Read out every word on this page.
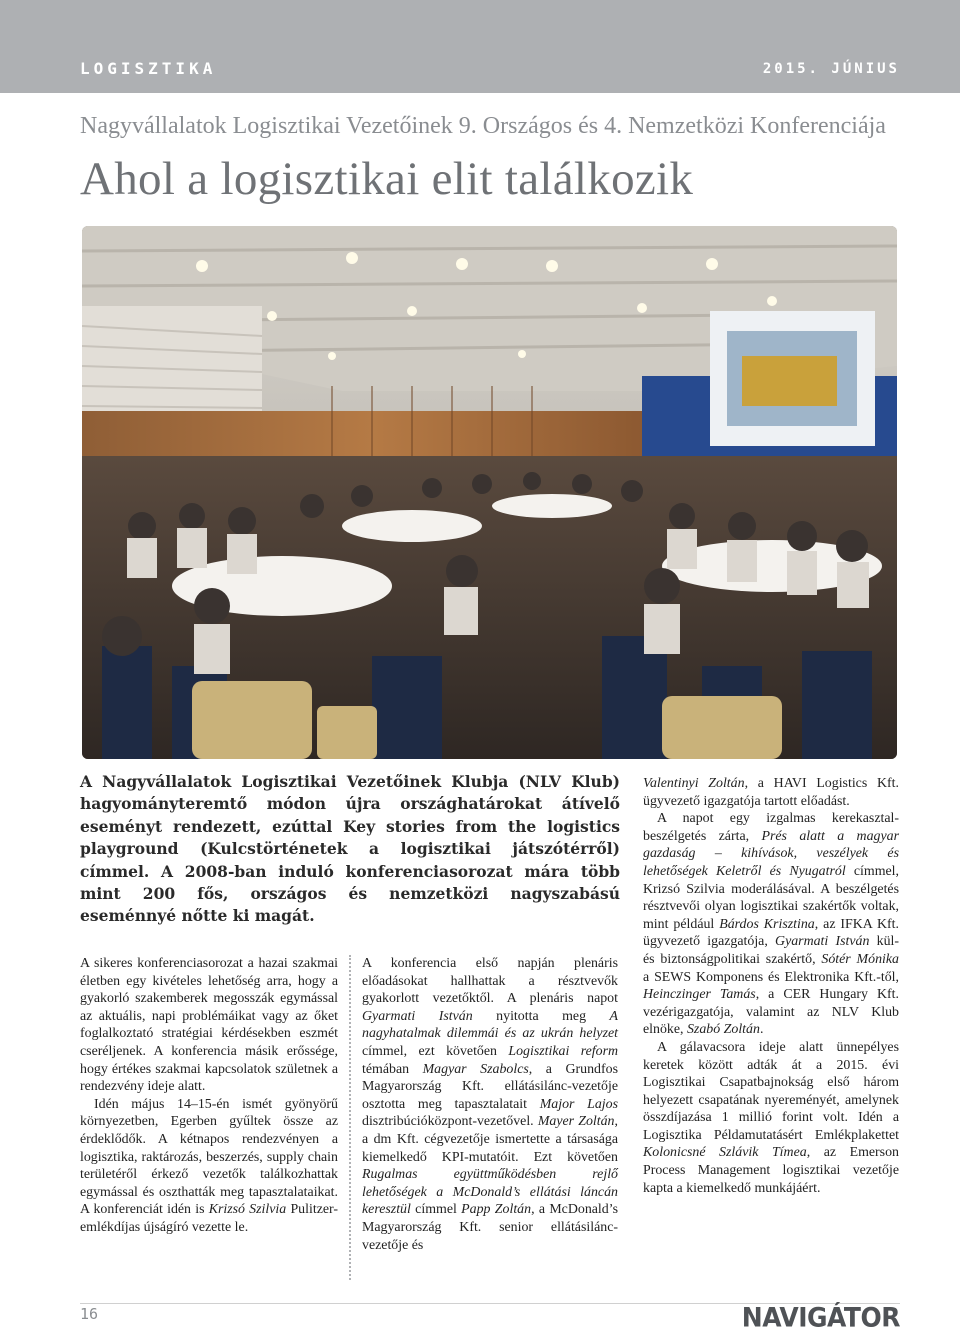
LOGISZTIKA	2015. JÚNIUS
Nagyvállalatok Logisztikai Vezetőinek 9. Országos és 4. Nemzetközi Konferenciája
Ahol a logisztikai elit találkozik
A Nagyvállalatok Logisztikai Vezetőinek Klubja (NLV Klub) hagyományteremtő módon újra országhatárokat átívelő eseményt rendezett, ezúttal Key stories from the logistics playground (Kulcstörténetek a logisztikai játszótérről) címmel. A 2008-ban induló konferenciasorozat mára több mint 200 fős, országos és nemzetközi nagyszabású eseménnyé nőtte ki magát.

A sikeres konferenciasorozat a hazai szakmai életben egy kivételes lehetőség arra, hogy a gyakorló szakemberek megosszák egymással az aktuális, napi problémáikat vagy az őket foglalkoztató stratégiai kérdésekben eszmét cseréljenek. A konferencia másik erőssége, hogy értékes szakmai kapcsolatok születnek a rendezvény ideje alatt.

Idén május 14–15-én ismét gyönyörű környezetben, Egerben gyűltek össze az érdeklődők. A kétnapos rendezvényen a logisztika, raktározás, beszerzés, supply chain területéről érkező vezetők találkozhattak egymással és oszthatták meg tapasztalataikat. A konferenciát idén is Krizsó Szilvia Pulitzer-emlékdíjas újságíró vezette le.

A konferencia első napján plenáris előadásokat hallhattak a résztvevők gyakorlott vezetőktől. A plenáris napot Gyarmati István nyitotta meg A nagyhatalmak dilemmái és az ukrán helyzet címmel, ezt követően Logisztikai reform témában Magyar Szabolcs, a Grundfos Magyarország Kft. ellátásilánc-vezetője osztotta meg tapasztalatait Major Lajos disztribúcióközpont-vezetővel. Mayer Zoltán, a dm Kft. cégvezetője ismertette a társasága kiemelkedő KPI-mutatóit. Ezt követően Rugalmas együttműködésben rejlő lehetőségek a McDonald’s ellátási láncán keresztül címmel Papp Zoltán, a McDonald’s Magyarország Kft. senior ellátásilánc-vezetője és

Valentinyi Zoltán, a HAVI Logistics Kft. ügyvezető igazgatója tartott előadást.

A napot egy izgalmas kerekasztal-beszélgetés zárta, Prés alatt a magyar gazdaság – kihívások, veszélyek és lehetőségek Keletről és Nyugatról címmel, Krizsó Szilvia moderálásával. A beszélgetés résztvevői olyan logisztikai szakértők voltak, mint például Bárdos Krisztina, az IFKA Kft. ügyvezető igazgatója, Gyarmati István kül- és biztonságpolitikai szakértő, Sótér Mónika a SEWS Komponens és Elektronika Kft.-től, Heinczinger Tamás, a CER Hungary Kft. vezérigazgatója, valamint az NLV Klub elnöke, Szabó Zoltán.

A gálavacsora ideje alatt ünnepélyes keretek között adták át a 2015. évi Logisztikai Csapatbajnokság első három helyezett csapatának nyereményét, amelynek összdíjazása 1 millió forint volt. Idén a Logisztika Példamutatásért Emlékplakettet Kolonicsné Szlávik Tímea, az Emerson Process Management logisztikai vezetője kapta a kiemelkedő munkájáért.

16	NAVIGÁTOR
